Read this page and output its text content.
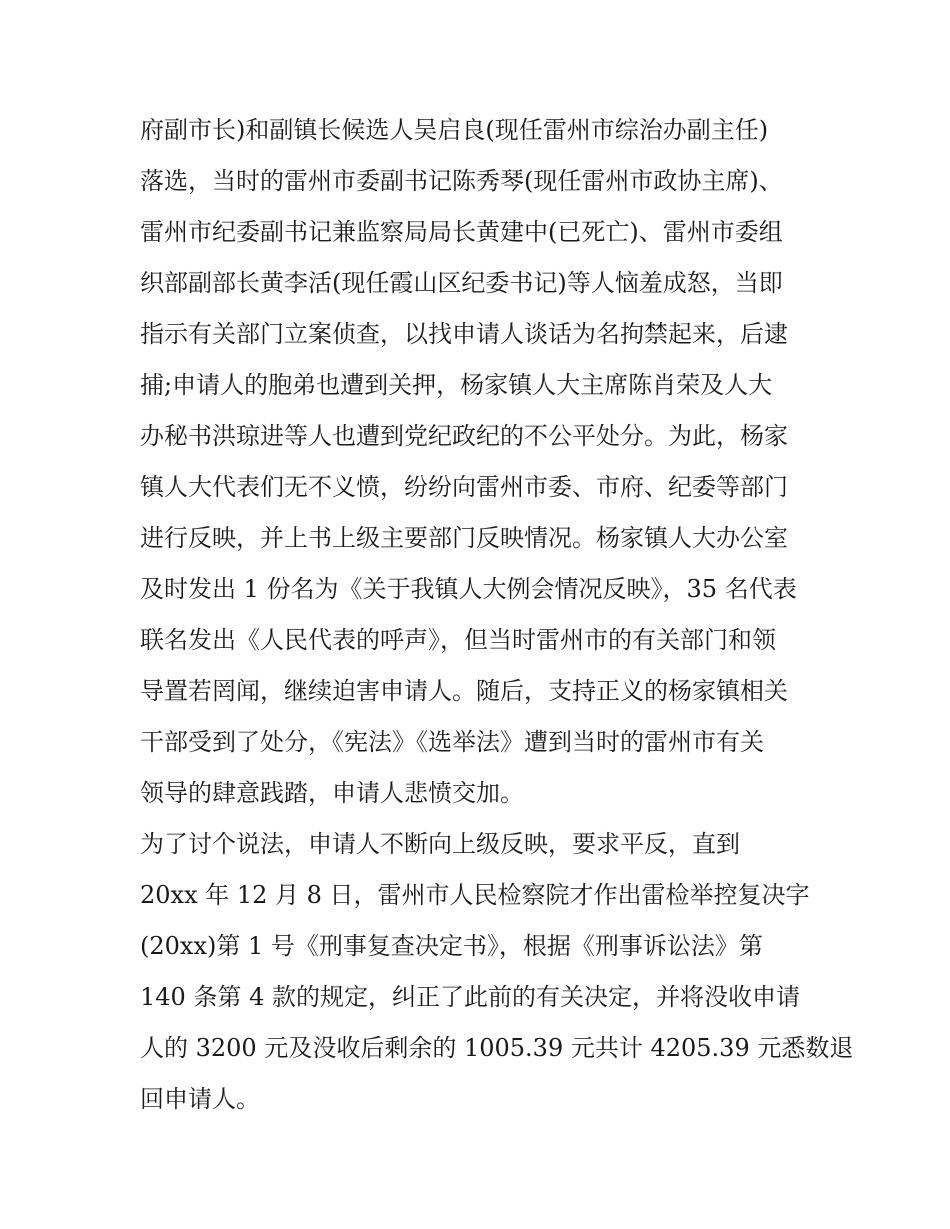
府副市长)和副镇长候选人吴启良(现任雷州市综治办副主任)
落选，当时的雷州市委副书记陈秀琴(现任雷州市政协主席)、
雷州市纪委副书记兼监察局局长黄建中(已死亡)、雷州市委组
织部副部长黄李活(现任霞山区纪委书记)等人恼羞成怒，当即
指示有关部门立案侦查，以找申请人谈话为名拘禁起来，后逮
捕;申请人的胞弟也遭到关押，杨家镇人大主席陈肖荣及人大
办秘书洪琼进等人也遭到党纪政纪的不公平处分。为此，杨家
镇人大代表们无不义愤，纷纷向雷州市委、市府、纪委等部门
进行反映，并上书上级主要部门反映情况。杨家镇人大办公室
及时发出 1 份名为《关于我镇人大例会情况反映》，35 名代表
联名发出《人民代表的呼声》，但当时雷州市的有关部门和领
导置若罔闻，继续迫害申请人。随后，支持正义的杨家镇相关
干部受到了处分，《宪法》《选举法》遭到当时的雷州市有关
领导的肆意践踏，申请人悲愤交加。
为了讨个说法，申请人不断向上级反映，要求平反，直到
20xx 年 12 月 8 日，雷州市人民检察院才作出雷检举控复决字
(20xx)第 1 号《刑事复查决定书》，根据《刑事诉讼法》第
140 条第 4 款的规定，纠正了此前的有关决定，并将没收申请
人的 3200 元及没收后剩余的 1005.39 元共计 4205.39 元悉数退
回申请人。
